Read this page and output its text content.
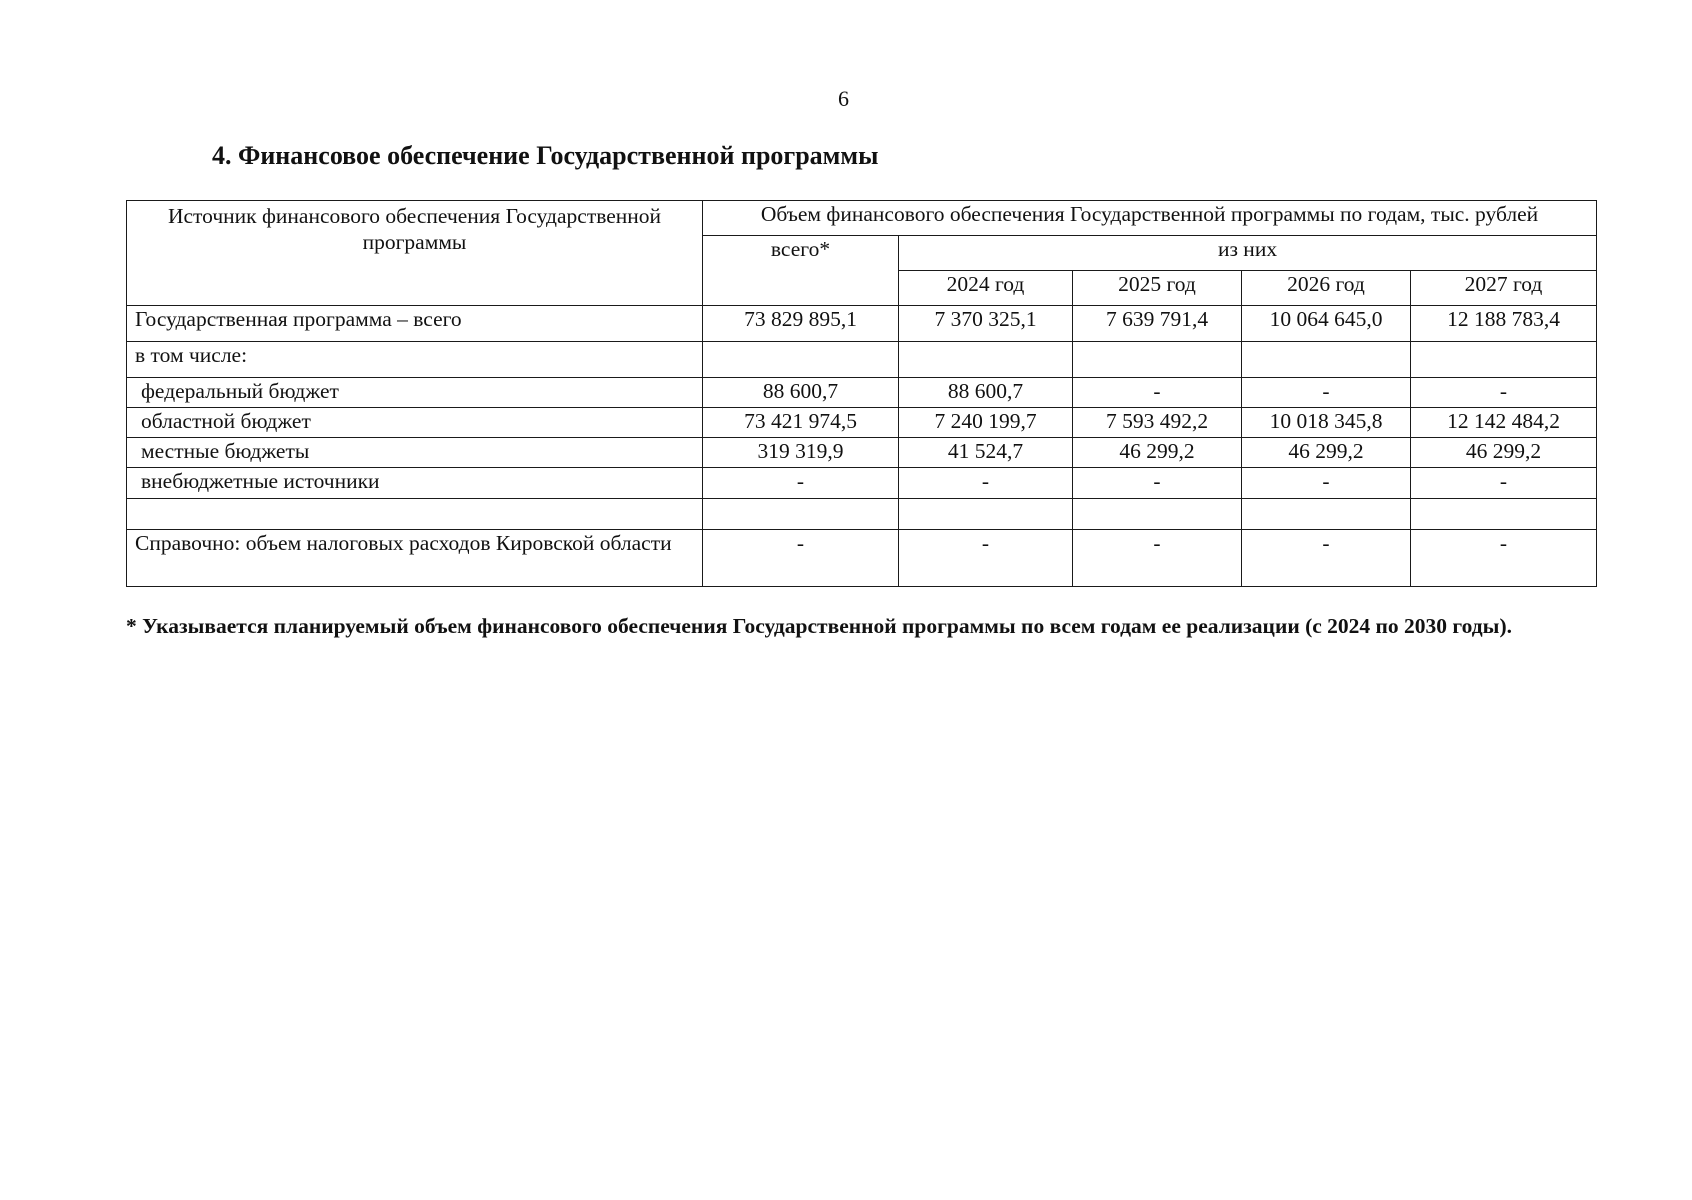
6
4. Финансовое обеспечение Государственной программы
Источник финансового обеспечения Государственной программы	Объем финансового обеспечения Государственной программы по годам, тыс. рублей				
	всего*	из них			
		2024 год	2025 год	2026 год	2027 год
Государственная программа – всего	73 829 895,1	7 370 325,1	7 639 791,4	10 064 645,0	12 188 783,4
в том числе:					
федеральный бюджет	88 600,7	88 600,7	-	-	-
областной бюджет	73 421 974,5	7 240 199,7	7 593 492,2	10 018 345,8	12 142 484,2
местные бюджеты	319 319,9	41 524,7	46 299,2	46 299,2	46 299,2
внебюджетные источники	-	-	-	-	-

Справочно: объем налоговых расходов Кировской области	-	-	-	-	-

* Указывается планируемый объем финансового обеспечения Государственной программы по всем годам ее реализации (с 2024 по 2030 годы).
